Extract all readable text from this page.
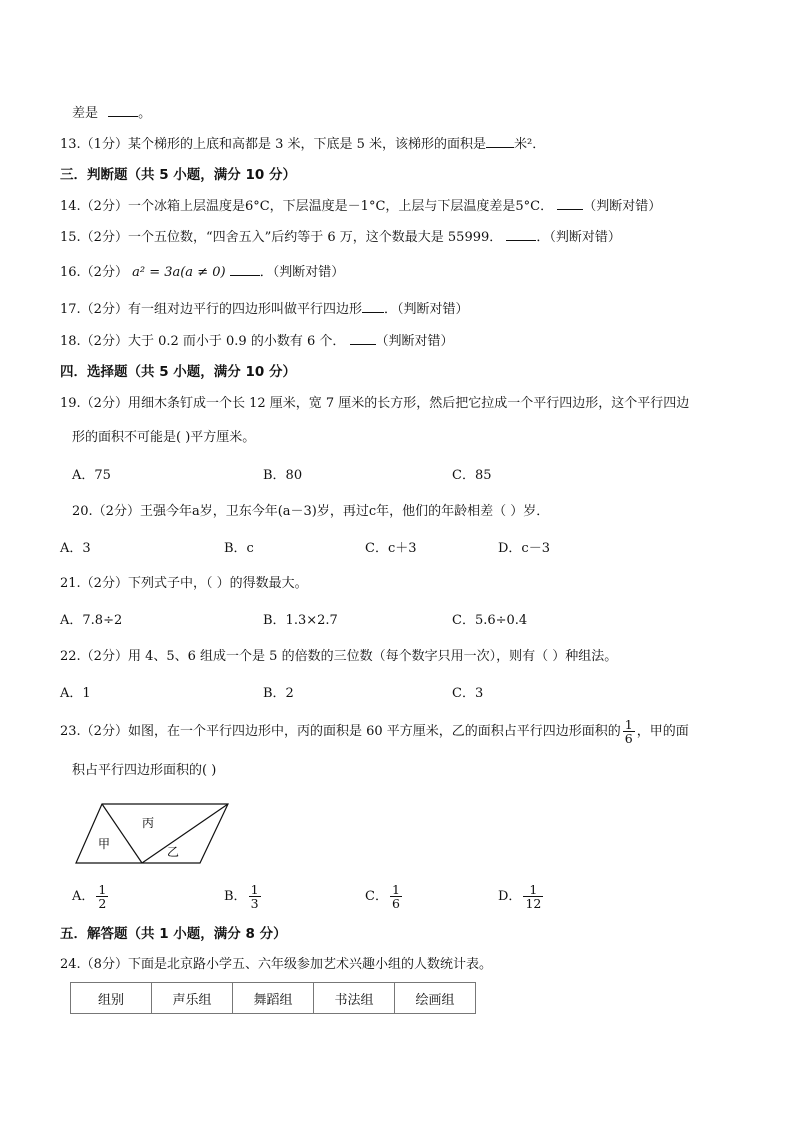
差是	。
13.（1分）某个梯形的上底和高都是 3 米，下底是 5 米，该梯形的面积是 米²．
三．判断题（共 5 小题，满分 10 分）
14.（2分）一个冰箱上层温度是6°C，下层温度是－1°C，上层与下层温度差是5°C． （判断对错）
15.（2分）一个五位数，“四舍五入”后约等于 6 万，这个数最大是 55999．	．（判断对错）
16.（2分） a² = 3a(a ≠ 0)	．（判断对错）
17.（2分）有一组对边平行的四边形叫做平行四边形 ．（判断对错）
18.（2分）大于 0.2 而小于 0.9 的小数有 6 个． （判断对错）
四．选择题（共 5 小题，满分 10 分）
19.（2分）用细木条钉成一个长 12 厘米，宽 7 厘米的长方形，然后把它拉成一个平行四边形，这个平行四边
形的面积不可能是( )平方厘米。
A．75	B．80	C．85
20.（2分）王强今年a岁，卫东今年(a－3)岁，再过c年，他们的年龄相差（ ）岁．
A．3	B．c	C．c＋3	D．c－3
21.（2分）下列式子中，（ ）的得数最大。
A．7.8÷2	B．1.3×2.7	C．5.6÷0.4
22.（2分）用 4、5、6 组成一个是 5 的倍数的三位数（每个数字只用一次），则有（ ）种组法。
A．1	B．2	C．3
23.（2分）如图，在一个平行四边形中，丙的面积是 60 平方厘米，乙的面积占平行四边形面积的 $\frac{1}{6}$ ，甲的面
积占平行四边形面积的( )
甲
丙
乙
A． $\frac{1}{2}$	B． $\frac{1}{3}$	C． $\frac{1}{6}$	D． $\frac{1}{12}$
五．解答题（共 1 小题，满分 8 分）
24.（8分）下面是北京路小学五、六年级参加艺术兴趣小组的人数统计表。
组别	声乐组	舞蹈组	书法组	绘画组
